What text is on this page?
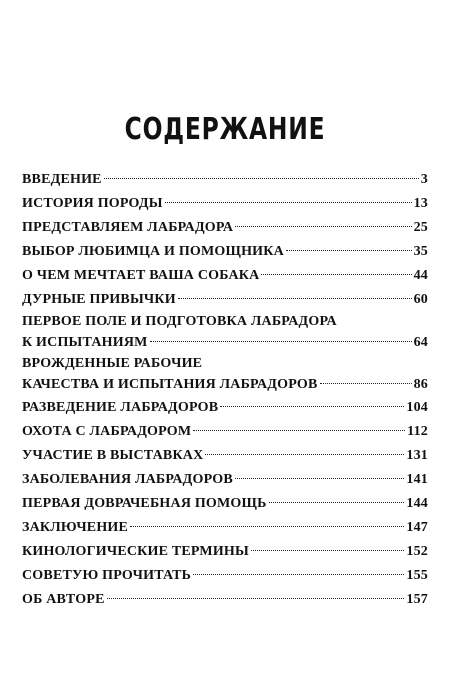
СОДЕРЖАНИЕ
ВВЕДЕНИЕ	3
ИСТОРИЯ ПОРОДЫ	13
ПРЕДСТАВЛЯЕМ ЛАБРАДОРА	25
ВЫБОР ЛЮБИМЦА И ПОМОЩНИКА	35
О ЧЕМ МЕЧТАЕТ ВАША СОБАКА	44
ДУРНЫЕ ПРИВЫЧКИ	60
ПЕРВОЕ ПОЛЕ И ПОДГОТОВКА ЛАБРАДОРА
К ИСПЫТАНИЯМ	64
ВРОЖДЕННЫЕ РАБОЧИЕ
КАЧЕСТВА И ИСПЫТАНИЯ ЛАБРАДОРОВ	86
РАЗВЕДЕНИЕ ЛАБРАДОРОВ	104
ОХОТА С ЛАБРАДОРОМ	112
УЧАСТИЕ В ВЫСТАВКАХ	131
ЗАБОЛЕВАНИЯ ЛАБРАДОРОВ	141
ПЕРВАЯ ДОВРАЧЕБНАЯ ПОМОЩЬ	144
ЗАКЛЮЧЕНИЕ	147
КИНОЛОГИЧЕСКИЕ ТЕРМИНЫ	152
СОВЕТУЮ ПРОЧИТАТЬ	155
ОБ АВТОРЕ	157
